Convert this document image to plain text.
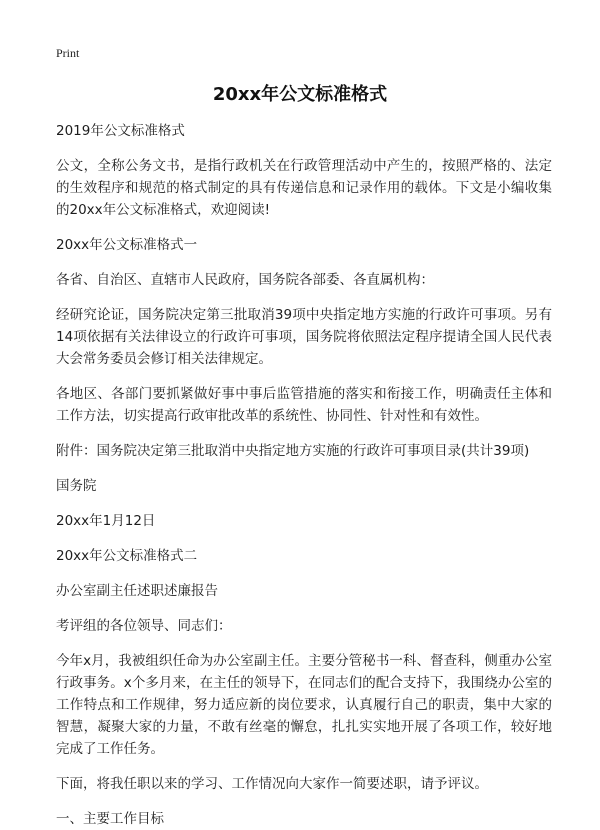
Print
20xx年公文标准格式

2019年公文标准格式

公文，全称公务文书，是指行政机关在行政管理活动中产生的，按照严格的、法定的生效程序和规范的格式制定的具有传递信息和记录作用的载体。下文是小编收集的20xx年公文标准格式，欢迎阅读!

20xx年公文标准格式一

各省、自治区、直辖市人民政府，国务院各部委、各直属机构：

经研究论证，国务院决定第三批取消39项中央指定地方实施的行政许可事项。另有14项依据有关法律设立的行政许可事项，国务院将依照法定程序提请全国人民代表大会常务委员会修订相关法律规定。

各地区、各部门要抓紧做好事中事后监管措施的落实和衔接工作，明确责任主体和工作方法，切实提高行政审批改革的系统性、协同性、针对性和有效性。

附件：国务院决定第三批取消中央指定地方实施的行政许可事项目录(共计39项)

国务院

20xx年1月12日

20xx年公文标准格式二

办公室副主任述职述廉报告

考评组的各位领导、同志们：

今年x月，我被组织任命为办公室副主任。主要分管秘书一科、督查科，侧重办公室行政事务。x个多月来，在主任的领导下，在同志们的配合支持下，我围绕办公室的工作特点和工作规律，努力适应新的岗位要求，认真履行自己的职责，集中大家的智慧，凝聚大家的力量，不敢有丝毫的懈怠，扎扎实实地开展了各项工作，较好地完成了工作任务。

下面，将我任职以来的学习、工作情况向大家作一简要述职，请予评议。

一、主要工作目标
